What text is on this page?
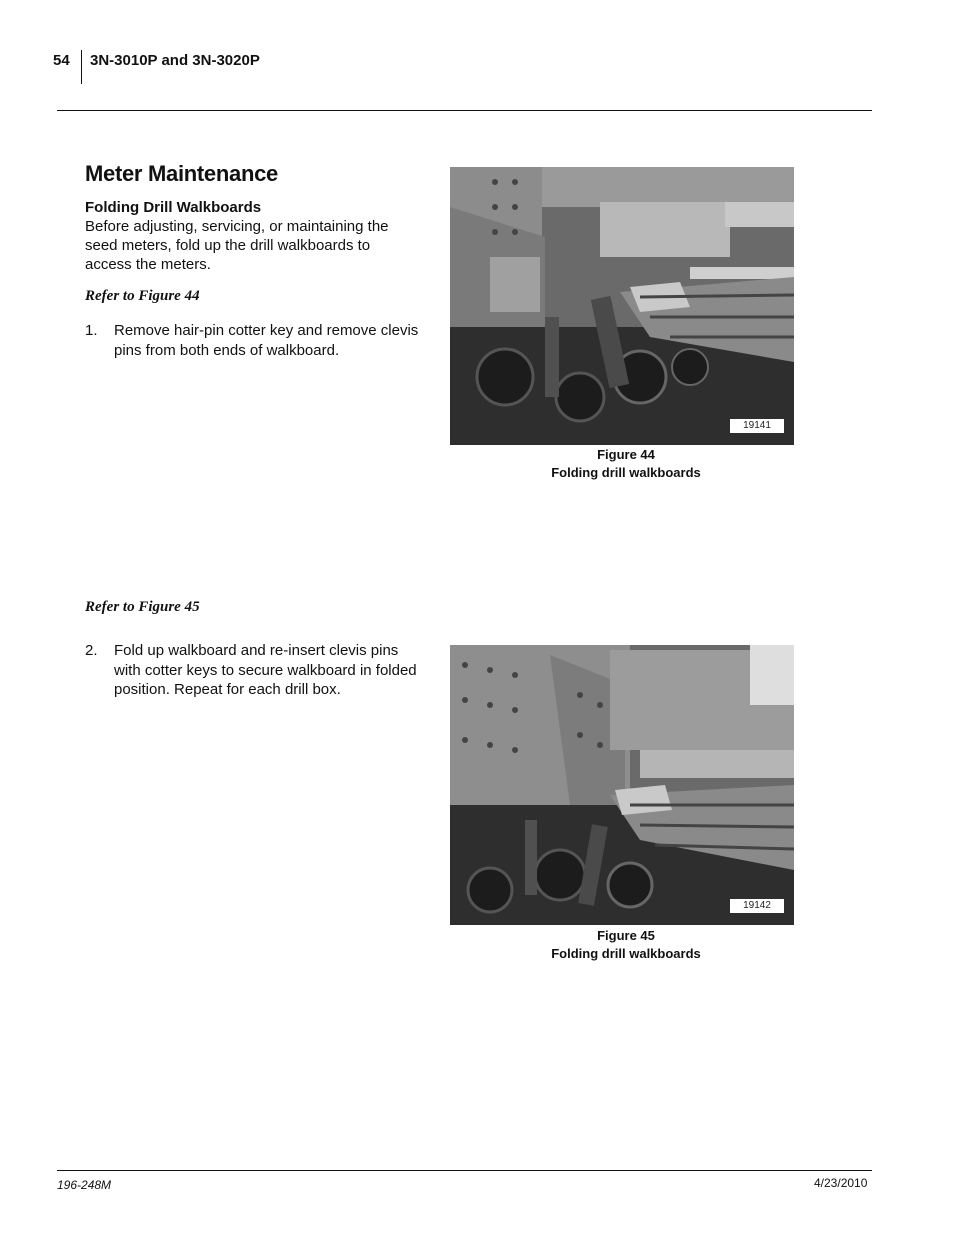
54 3N-3010P and 3N-3020P
Meter Maintenance
Folding Drill Walkboards
Before adjusting, servicing, or maintaining the seed meters, fold up the drill walkboards to access the meters.
Refer to Figure 44
1. Remove hair-pin cotter key and remove clevis pins from both ends of walkboard.
Refer to Figure 45
2. Fold up walkboard and re-insert clevis pins with cotter keys to secure walkboard in folded position. Repeat for each drill box.
19141
Figure 44
Folding drill walkboards
19142
Figure 45
Folding drill walkboards
196-248M	4/23/2010
